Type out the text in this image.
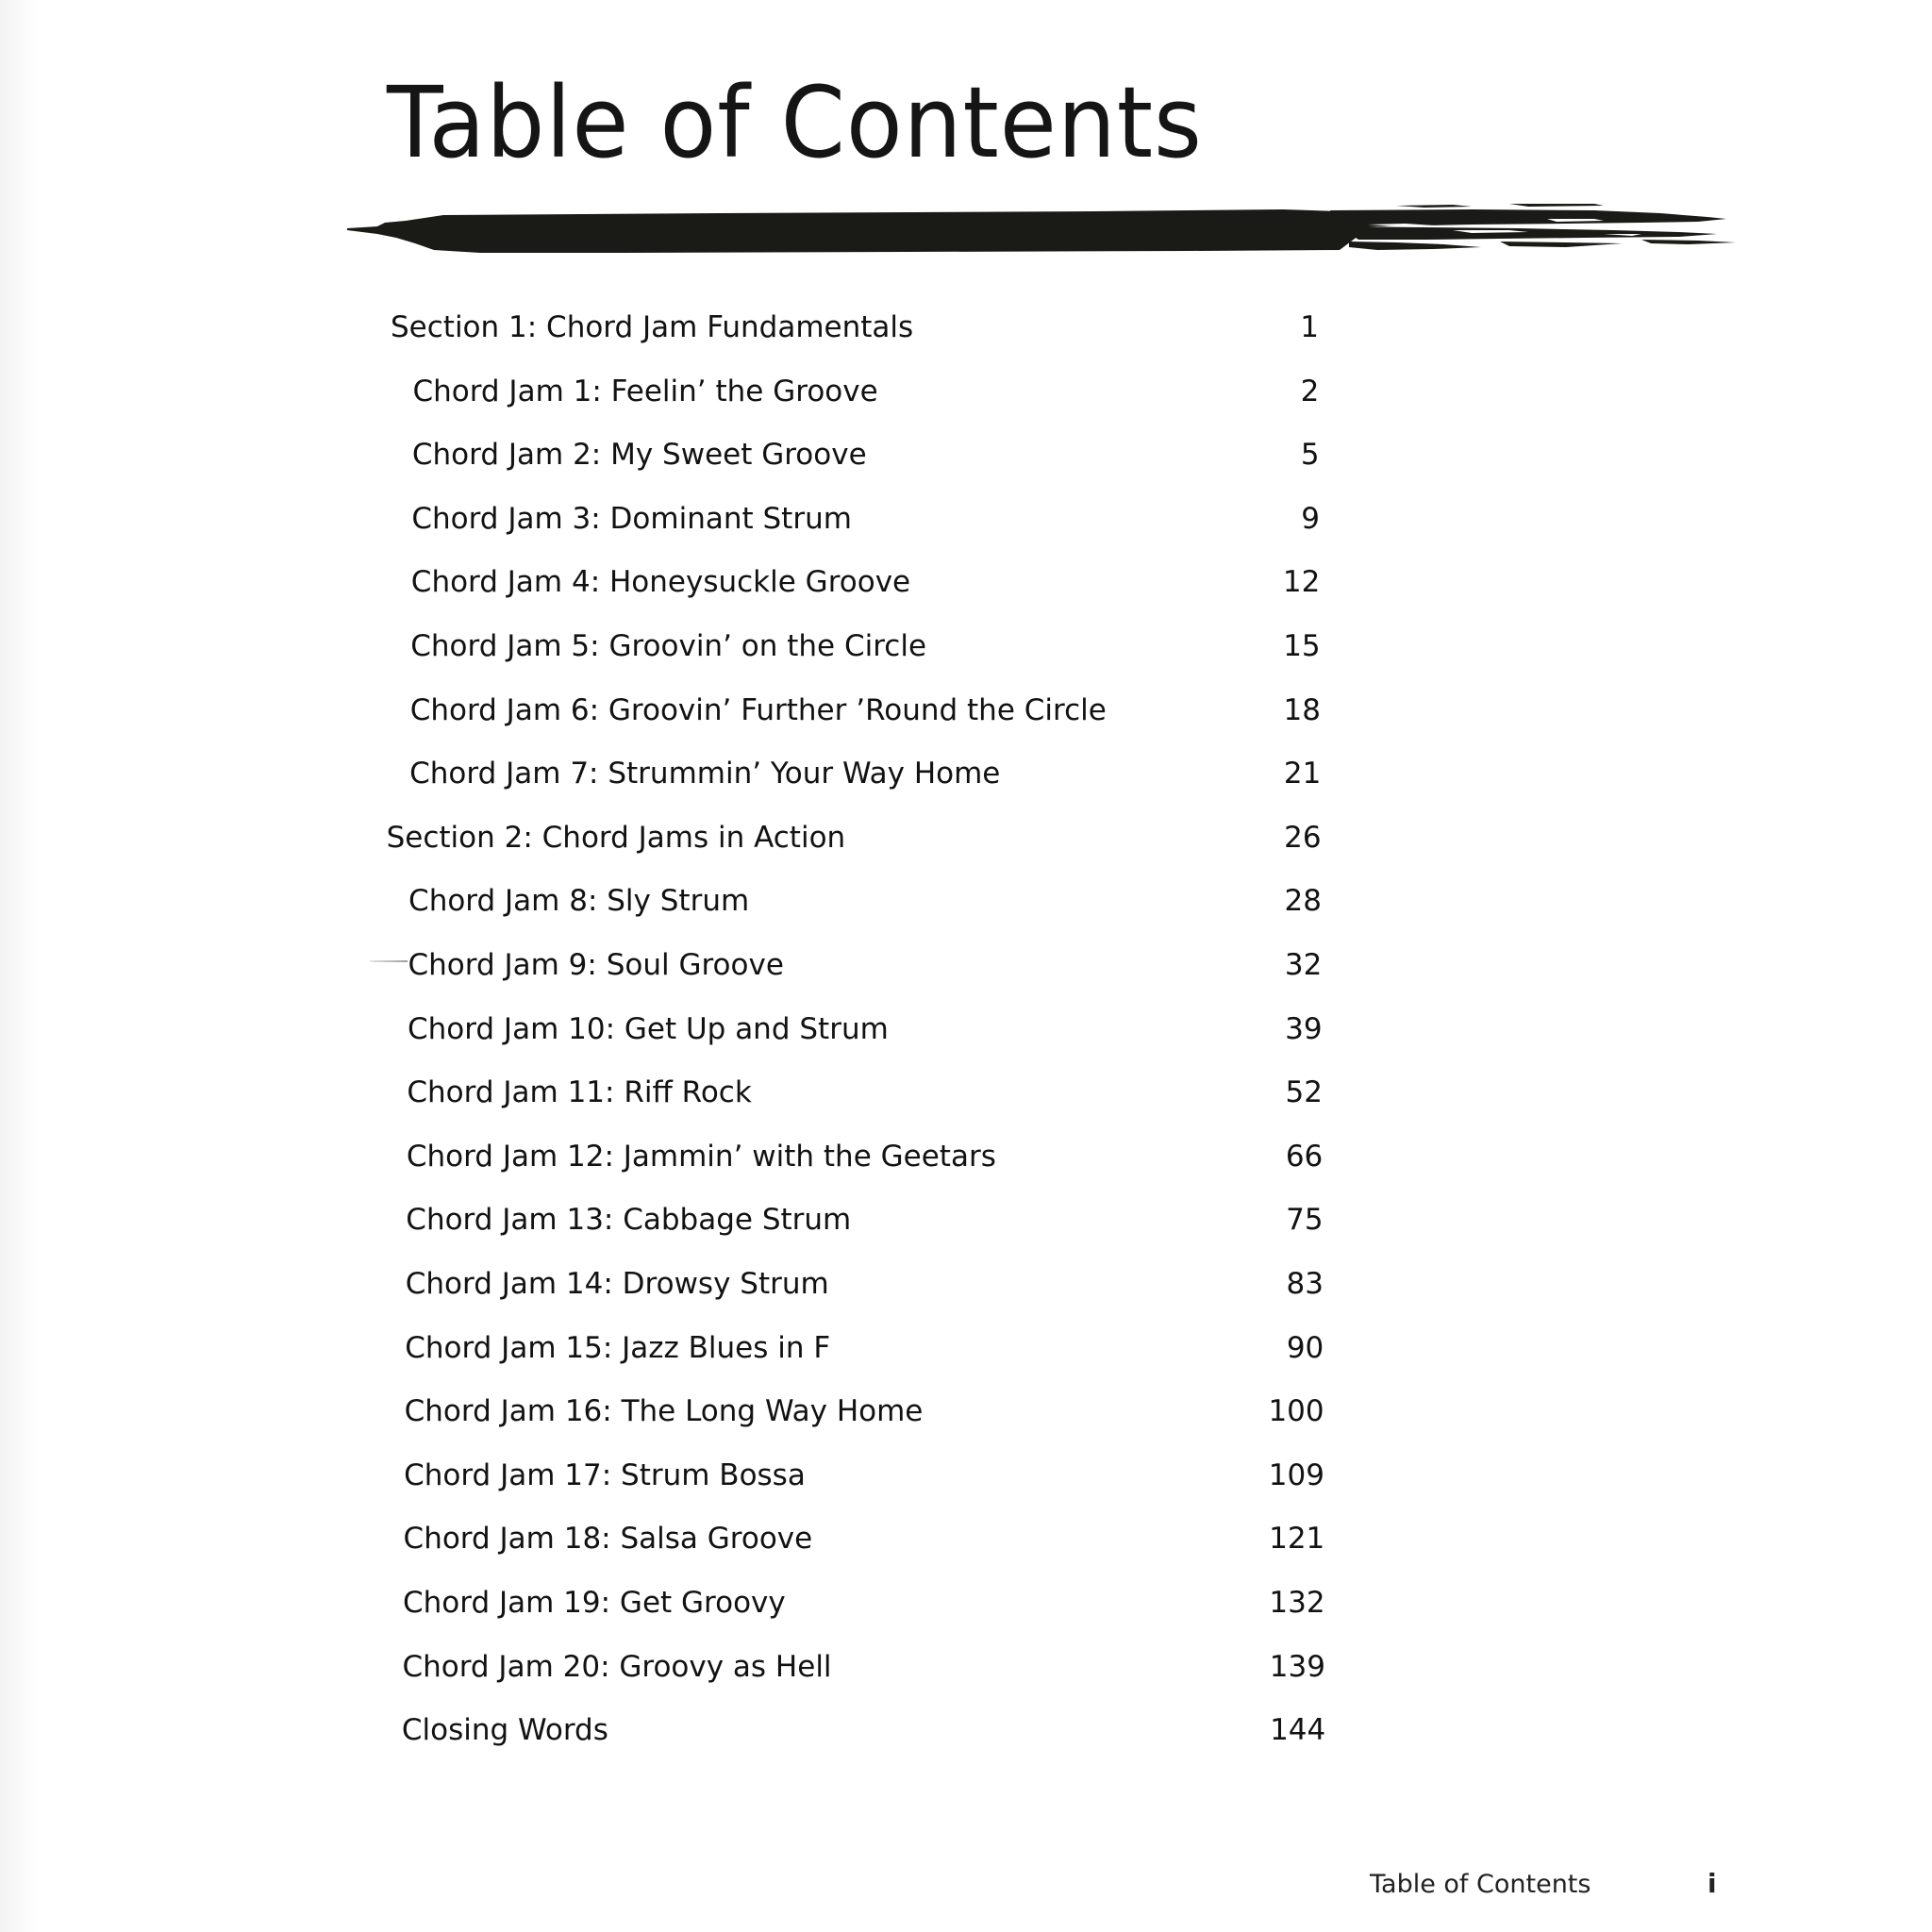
Table of Contents
Section 1: Chord Jam Fundamentals	1
Chord Jam 1: Feelin’ the Groove	2
Chord Jam 2: My Sweet Groove	5
Chord Jam 3: Dominant Strum	9
Chord Jam 4: Honeysuckle Groove	12
Chord Jam 5: Groovin’ on the Circle	15
Chord Jam 6: Groovin’ Further ’Round the Circle	18
Chord Jam 7: Strummin’ Your Way Home	21
Section 2: Chord Jams in Action	26
Chord Jam 8: Sly Strum	28
Chord Jam 9: Soul Groove	32
Chord Jam 10: Get Up and Strum	39
Chord Jam 11: Riff Rock	52
Chord Jam 12: Jammin’ with the Geetars	66
Chord Jam 13: Cabbage Strum	75
Chord Jam 14: Drowsy Strum	83
Chord Jam 15: Jazz Blues in F	90
Chord Jam 16: The Long Way Home	100
Chord Jam 17: Strum Bossa	109
Chord Jam 18: Salsa Groove	121
Chord Jam 19: Get Groovy	132
Chord Jam 20: Groovy as Hell	139
Closing Words	144
Table of Contents	i
